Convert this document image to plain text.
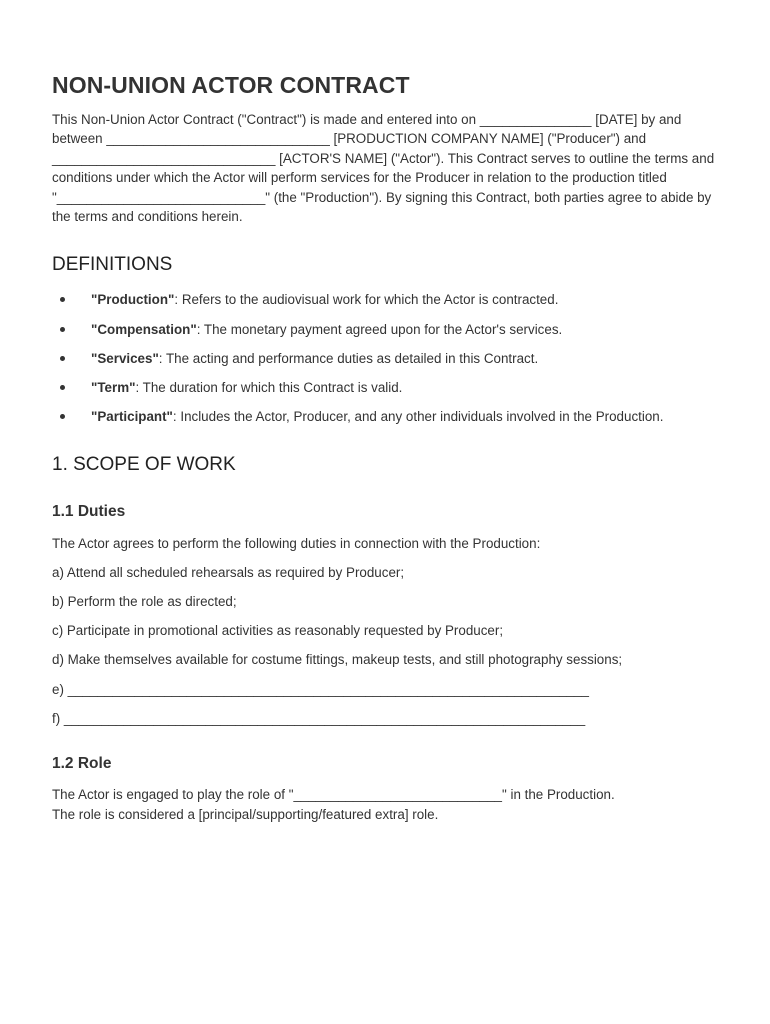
NON-UNION ACTOR CONTRACT

This Non-Union Actor Contract ("Contract") is made and entered into on _______________ [DATE] by and between ______________________________ [PRODUCTION COMPANY NAME] ("Producer") and ______________________________ [ACTOR'S NAME] ("Actor"). This Contract serves to outline the terms and conditions under which the Actor will perform services for the Producer in relation to the production titled "____________________________" (the "Production"). By signing this Contract, both parties agree to abide by the terms and conditions herein.

DEFINITIONS
"Production": Refers to the audiovisual work for which the Actor is contracted.
"Compensation": The monetary payment agreed upon for the Actor's services.
"Services": The acting and performance duties as detailed in this Contract.
"Term": The duration for which this Contract is valid.
"Participant": Includes the Actor, Producer, and any other individuals involved in the Production.
1. SCOPE OF WORK
1.1 Duties

The Actor agrees to perform the following duties in connection with the Production:

a) Attend all scheduled rehearsals as required by Producer;

b) Perform the role as directed;

c) Participate in promotional activities as reasonably requested by Producer;

d) Make themselves available for costume fittings, makeup tests, and still photography sessions;

e) ______________________________________________________________________

f) ______________________________________________________________________

1.2 Role

The Actor is engaged to play the role of "____________________________" in the Production.

The role is considered a [principal/supporting/featured extra] role.
